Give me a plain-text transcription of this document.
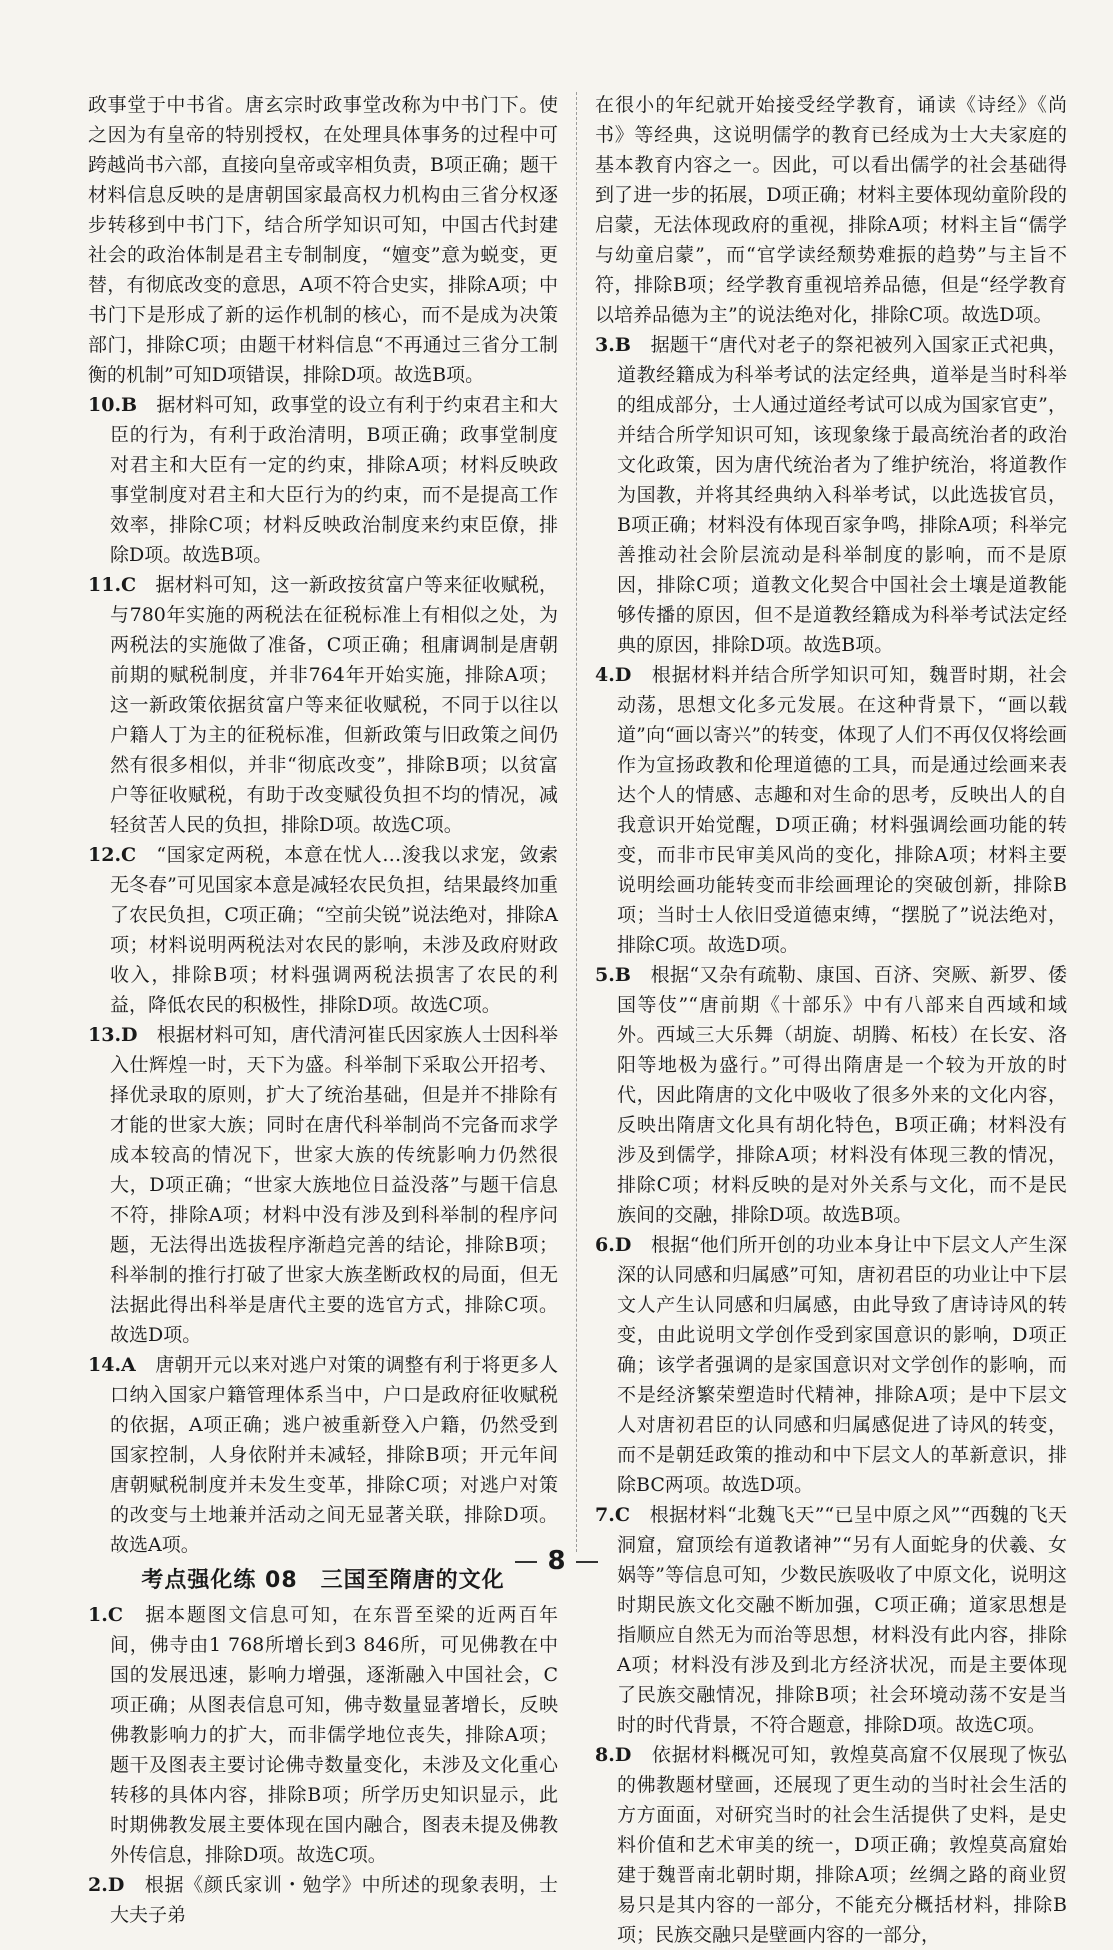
政事堂于中书省。唐玄宗时政事堂改称为中书门下。使之因为有皇帝的特别授权，在处理具体事务的过程中可跨越尚书六部，直接向皇帝或宰相负责，B项正确；题干材料信息反映的是唐朝国家最高权力机构由三省分权逐步转移到中书门下，结合所学知识可知，中国古代封建社会的政治体制是君主专制制度，“嬗变”意为蜕变，更替，有彻底改变的意思，A项不符合史实，排除A项；中书门下是形成了新的运作机制的核心，而不是成为决策部门，排除C项；由题干材料信息“不再通过三省分工制衡的机制”可知D项错误，排除D项。故选B项。

10.B　 据材料可知，政事堂的设立有利于约束君主和大臣的行为，有利于政治清明，B项正确；政事堂制度对君主和大臣有一定的约束，排除A项；材料反映政事堂制度对君主和大臣行为的约束，而不是提高工作效率，排除C项；材料反映政治制度来约束臣僚，排除D项。故选B项。
11.C　 据材料可知，这一新政按贫富户等来征收赋税，与780年实施的两税法在征税标准上有相似之处，为两税法的实施做了准备，C项正确；租庸调制是唐朝前期的赋税制度，并非764年开始实施，排除A项；这一新政策依据贫富户等来征收赋税，不同于以往以户籍人丁为主的征税标准，但新政策与旧政策之间仍然有很多相似，并非“彻底改变”，排除B项；以贫富户等征收赋税，有助于改变赋役负担不均的情况，减轻贫苦人民的负担，排除D项。故选C项。
12.C　 “国家定两税，本意在忧人…浚我以求宠，敛索无冬春”可见国家本意是减轻农民负担，结果最终加重了农民负担，C项正确；“空前尖锐”说法绝对，排除A项；材料说明两税法对农民的影响，未涉及政府财政收入，排除B项；材料强调两税法损害了农民的利益，降低农民的积极性，排除D项。故选C项。
13.D　 根据材料可知，唐代清河崔氏因家族人士因科举入仕辉煌一时，天下为盛。科举制下采取公开招考、择优录取的原则，扩大了统治基础，但是并不排除有才能的世家大族；同时在唐代科举制尚不完备而求学成本较高的情况下，世家大族的传统影响力仍然很大，D项正确；“世家大族地位日益没落”与题干信息不符，排除A项；材料中没有涉及到科举制的程序问题，无法得出选拔程序渐趋完善的结论，排除B项；科举制的推行打破了世家大族垄断政权的局面，但无法据此得出科举是唐代主要的选官方式，排除C项。故选D项。
14.A　 唐朝开元以来对逃户对策的调整有利于将更多人口纳入国家户籍管理体系当中，户口是政府征收赋税的依据，A项正确；逃户被重新登入户籍，仍然受到国家控制，人身依附并未减轻，排除B项；开元年间唐朝赋税制度并未发生变革，排除C项；对逃户对策的改变与土地兼并活动之间无显著关联，排除D项。故选A项。
考点强化练 08　三国至隋唐的文化
1.C　 据本题图文信息可知，在东晋至梁的近两百年间，佛寺由1 768所增长到3 846所，可见佛教在中国的发展迅速，影响力增强，逐渐融入中国社会，C项正确；从图表信息可知，佛寺数量显著增长，反映佛教影响力的扩大，而非儒学地位丧失，排除A项；题干及图表主要讨论佛寺数量变化，未涉及文化重心转移的具体内容，排除B项；所学历史知识显示，此时期佛教发展主要体现在国内融合，图表未提及佛教外传信息，排除D项。故选C项。
2.D　 根据《颜氏家训・勉学》中所述的现象表明，士大夫子弟

在很小的年纪就开始接受经学教育，诵读《诗经》《尚书》等经典，这说明儒学的教育已经成为士大夫家庭的基本教育内容之一。因此，可以看出儒学的社会基础得到了进一步的拓展，D项正确；材料主要体现幼童阶段的启蒙，无法体现政府的重视，排除A项；材料主旨“儒学与幼童启蒙”，而“官学读经颓势难振的趋势”与主旨不符，排除B项；经学教育重视培养品德，但是“经学教育以培养品德为主”的说法绝对化，排除C项。故选D项。

3.B　 据题干“唐代对老子的祭祀被列入国家正式祀典，道教经籍成为科举考试的法定经典，道举是当时科举的组成部分，士人通过道经考试可以成为国家官吏”，并结合所学知识可知，该现象缘于最高统治者的政治文化政策，因为唐代统治者为了维护统治，将道教作为国教，并将其经典纳入科举考试，以此选拔官员，B项正确；材料没有体现百家争鸣，排除A项；科举完善推动社会阶层流动是科举制度的影响，而不是原因，排除C项；道教文化契合中国社会土壤是道教能够传播的原因，但不是道教经籍成为科举考试法定经典的原因，排除D项。故选B项。
4.D　 根据材料并结合所学知识可知，魏晋时期，社会动荡，思想文化多元发展。在这种背景下，“画以载道”向“画以寄兴”的转变，体现了人们不再仅仅将绘画作为宣扬政教和伦理道德的工具，而是通过绘画来表达个人的情感、志趣和对生命的思考，反映出人的自我意识开始觉醒，D项正确；材料强调绘画功能的转变，而非市民审美风尚的变化，排除A项；材料主要说明绘画功能转变而非绘画理论的突破创新，排除B项；当时士人依旧受道德束缚，“摆脱了”说法绝对，排除C项。故选D项。
5.B　 根据“又杂有疏勒、康国、百济、突厥、新罗、倭国等伎”“唐前期《十部乐》中有八部来自西域和域外。西域三大乐舞（胡旋、胡腾、柘枝）在长安、洛阳等地极为盛行。”可得出隋唐是一个较为开放的时代，因此隋唐的文化中吸收了很多外来的文化内容，反映出隋唐文化具有胡化特色，B项正确；材料没有涉及到儒学，排除A项；材料没有体现三教的情况，排除C项；材料反映的是对外关系与文化，而不是民族间的交融，排除D项。故选B项。
6.D　 根据“他们所开创的功业本身让中下层文人产生深深的认同感和归属感”可知，唐初君臣的功业让中下层文人产生认同感和归属感，由此导致了唐诗诗风的转变，由此说明文学创作受到家国意识的影响，D项正确；该学者强调的是家国意识对文学创作的影响，而不是经济繁荣塑造时代精神，排除A项；是中下层文人对唐初君臣的认同感和归属感促进了诗风的转变，而不是朝廷政策的推动和中下层文人的革新意识，排除BC两项。故选D项。
7.C　 根据材料“北魏飞天”“已呈中原之风”“西魏的飞天洞窟，窟顶绘有道教诸神”“另有人面蛇身的伏羲、女娲等”等信息可知，少数民族吸收了中原文化，说明这时期民族文化交融不断加强，C项正确；道家思想是指顺应自然无为而治等思想，材料没有此内容，排除A项；材料没有涉及到北方经济状况，而是主要体现了民族交融情况，排除B项；社会环境动荡不安是当时的时代背景，不符合题意，排除D项。故选C项。
8.D　 依据材料概况可知，敦煌莫高窟不仅展现了恢弘的佛教题材壁画，还展现了更生动的当时社会生活的方方面面，对研究当时的社会生活提供了史料，是史料价值和艺术审美的统一，D项正确；敦煌莫高窟始建于魏晋南北朝时期，排除A项；丝绸之路的商业贸易只是其内容的一部分，不能充分概括材料，排除B项；民族交融只是壁画内容的一部分，
8
